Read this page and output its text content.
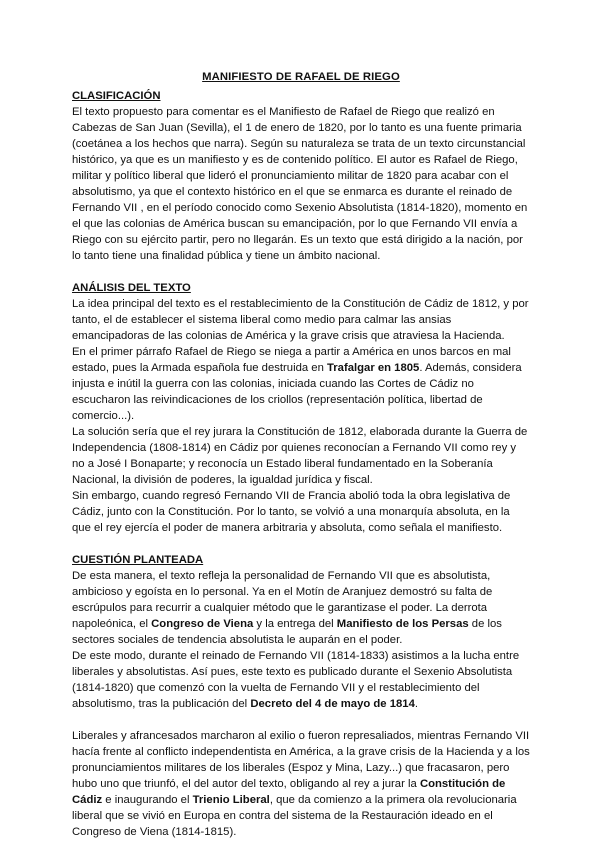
MANIFIESTO DE RAFAEL DE RIEGO
CLASIFICACIÓN

El texto propuesto para comentar es el Manifiesto de Rafael de Riego que realizó en Cabezas de San Juan (Sevilla), el 1 de enero de 1820, por lo tanto es una fuente primaria (coetánea a los hechos que narra). Según su naturaleza se trata de un texto circunstancial histórico, ya que es un manifiesto y es de contenido político. El autor es Rafael de Riego, militar y político liberal que lideró el pronunciamiento militar de 1820 para acabar con el absolutismo, ya que el contexto histórico en el que se enmarca es durante el reinado de Fernando VII , en el período conocido como Sexenio Absolutista (1814-1820), momento en el que las colonias de América buscan su emancipación, por lo que Fernando VII envía a Riego con su ejército partir, pero no llegarán. Es un texto que está dirigido a la nación, por lo tanto tiene una finalidad pública y tiene un ámbito nacional.

ANÁLISIS DEL TEXTO

La idea principal del texto es el restablecimiento de la Constitución de Cádiz de 1812, y por tanto, el de establecer el sistema liberal como medio para calmar las ansias emancipadoras de las colonias de América y la grave crisis que atraviesa la Hacienda.

En el primer párrafo Rafael de Riego se niega a partir a América en unos barcos en mal estado, pues la Armada española fue destruida en Trafalgar en 1805. Además, considera injusta e inútil la guerra con las colonias, iniciada cuando las Cortes de Cádiz no escucharon las reivindicaciones de los criollos (representación política, libertad de comercio...).

La solución sería que el rey jurara la Constitución de 1812, elaborada durante la Guerra de Independencia (1808-1814) en Cádiz por quienes reconocían a Fernando VII como rey y no a José I Bonaparte; y reconocía un Estado liberal fundamentado en la Soberanía Nacional, la división de poderes, la igualdad jurídica y fiscal.

Sin embargo, cuando regresó Fernando VII de Francia abolió toda la obra legislativa de Cádiz, junto con la Constitución. Por lo tanto, se volvió a una monarquía absoluta, en la que el rey ejercía el poder de manera arbitraria y absoluta, como señala el manifiesto.

CUESTIÓN PLANTEADA

De esta manera, el texto refleja la personalidad de Fernando VII que es absolutista, ambicioso y egoísta en lo personal. Ya en el Motín de Aranjuez demostró su falta de escrúpulos para recurrir a cualquier método que le garantizase el poder. La derrota napoleónica, el Congreso de Viena y la entrega del Manifiesto de los Persas de los sectores sociales de tendencia absolutista le auparán en el poder.

De este modo, durante el reinado de Fernando VII (1814-1833) asistimos a la lucha entre liberales y absolutistas. Así pues, este texto es publicado durante el Sexenio Absolutista (1814-1820) que comenzó con la vuelta de Fernando VII y el restablecimiento del absolutismo, tras la publicación del Decreto del 4 de mayo de 1814.

Liberales y afrancesados marcharon al exilio o fueron represaliados, mientras Fernando VII hacía frente al conflicto independentista en América, a la grave crisis de la Hacienda y a los pronunciamientos militares de los liberales (Espoz y Mina, Lazy...) que fracasaron, pero hubo uno que triunfó, el del autor del texto, obligando al rey a jurar la Constitución de Cádiz e inaugurando el Trienio Liberal, que da comienzo a la primera ola revolucionaria liberal que se vivió en Europa en contra del sistema de la Restauración ideado en el Congreso de Viena (1814-1815).
